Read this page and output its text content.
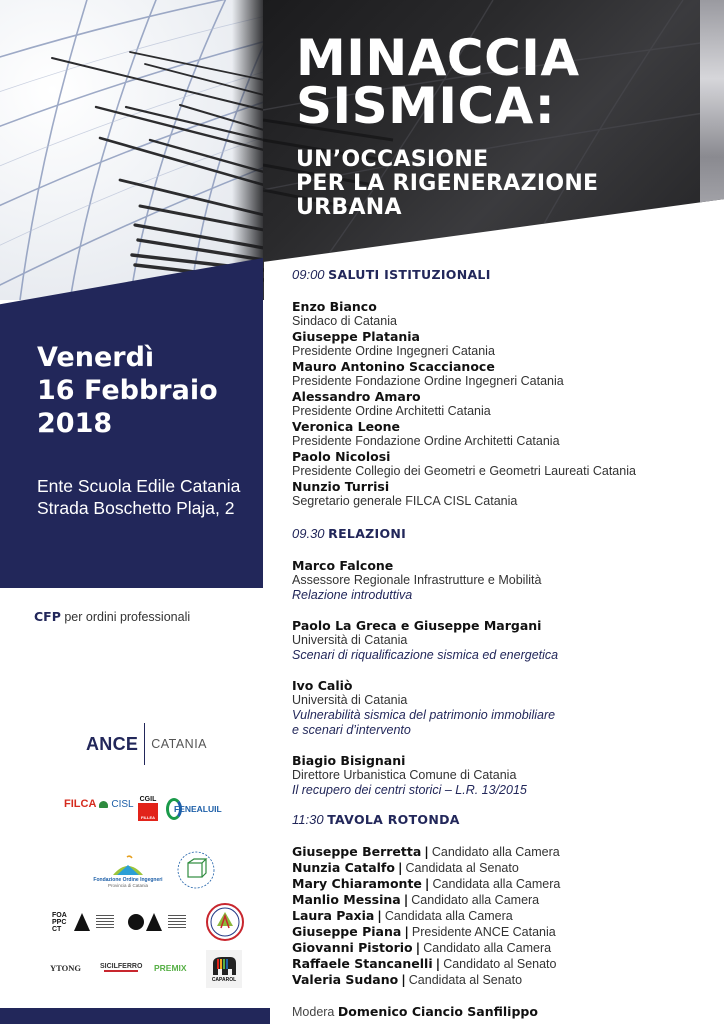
MINACCIA
SISMICA:
UN’OCCASIONE
PER LA RIGENERAZIONE
URBANA
Venerdì
16 Febbraio
2018
Ente Scuola Edile Catania
Strada Boschetto Plaja, 2
CFP per ordini professionali
ANCE CATANIA
FILCA CISL CGIL
FILLEA
FENEALUIL
Fondazione Ordine Ingegneri
Provincia di Catania
FOA PPC CT
YTONG	SICILFERRO PREMIX
CAPAROL
09:00 SALUTI ISTITUZIONALI
Enzo Bianco
Sindaco di Catania
Giuseppe Platania
Presidente Ordine Ingegneri Catania
Mauro Antonino Scaccianoce
Presidente Fondazione Ordine Ingegneri Catania
Alessandro Amaro
Presidente Ordine Architetti Catania
Veronica Leone
Presidente Fondazione Ordine Architetti Catania
Paolo Nicolosi
Presidente Collegio dei Geometri e Geometri Laureati Catania
Nunzio Turrisi
Segretario generale FILCA CISL Catania
09.30 RELAZIONI
Marco Falcone
Assessore Regionale Infrastrutture e Mobilità
Relazione introduttiva
Paolo La Greca e Giuseppe Margani
Università di Catania
Scenari di riqualificazione sismica ed energetica
Ivo Caliò
Università di Catania
Vulnerabilità sismica del patrimonio immobiliare
e scenari d’intervento
Biagio Bisignani
Direttore Urbanistica Comune di Catania
Il recupero dei centri storici – L.R. 13/2015
11:30 TAVOLA ROTONDA
Giuseppe Berretta | Candidato alla Camera
Nunzia Catalfo | Candidata al Senato
Mary Chiaramonte | Candidata alla Camera
Manlio Messina | Candidato alla Camera
Laura Paxia | Candidata alla Camera
Giuseppe Piana | Presidente ANCE Catania
Giovanni Pistorio | Candidato alla Camera
Raffaele Stancanelli | Candidato al Senato
Valeria Sudano | Candidata al Senato
Modera Domenico Ciancio Sanfilippo
